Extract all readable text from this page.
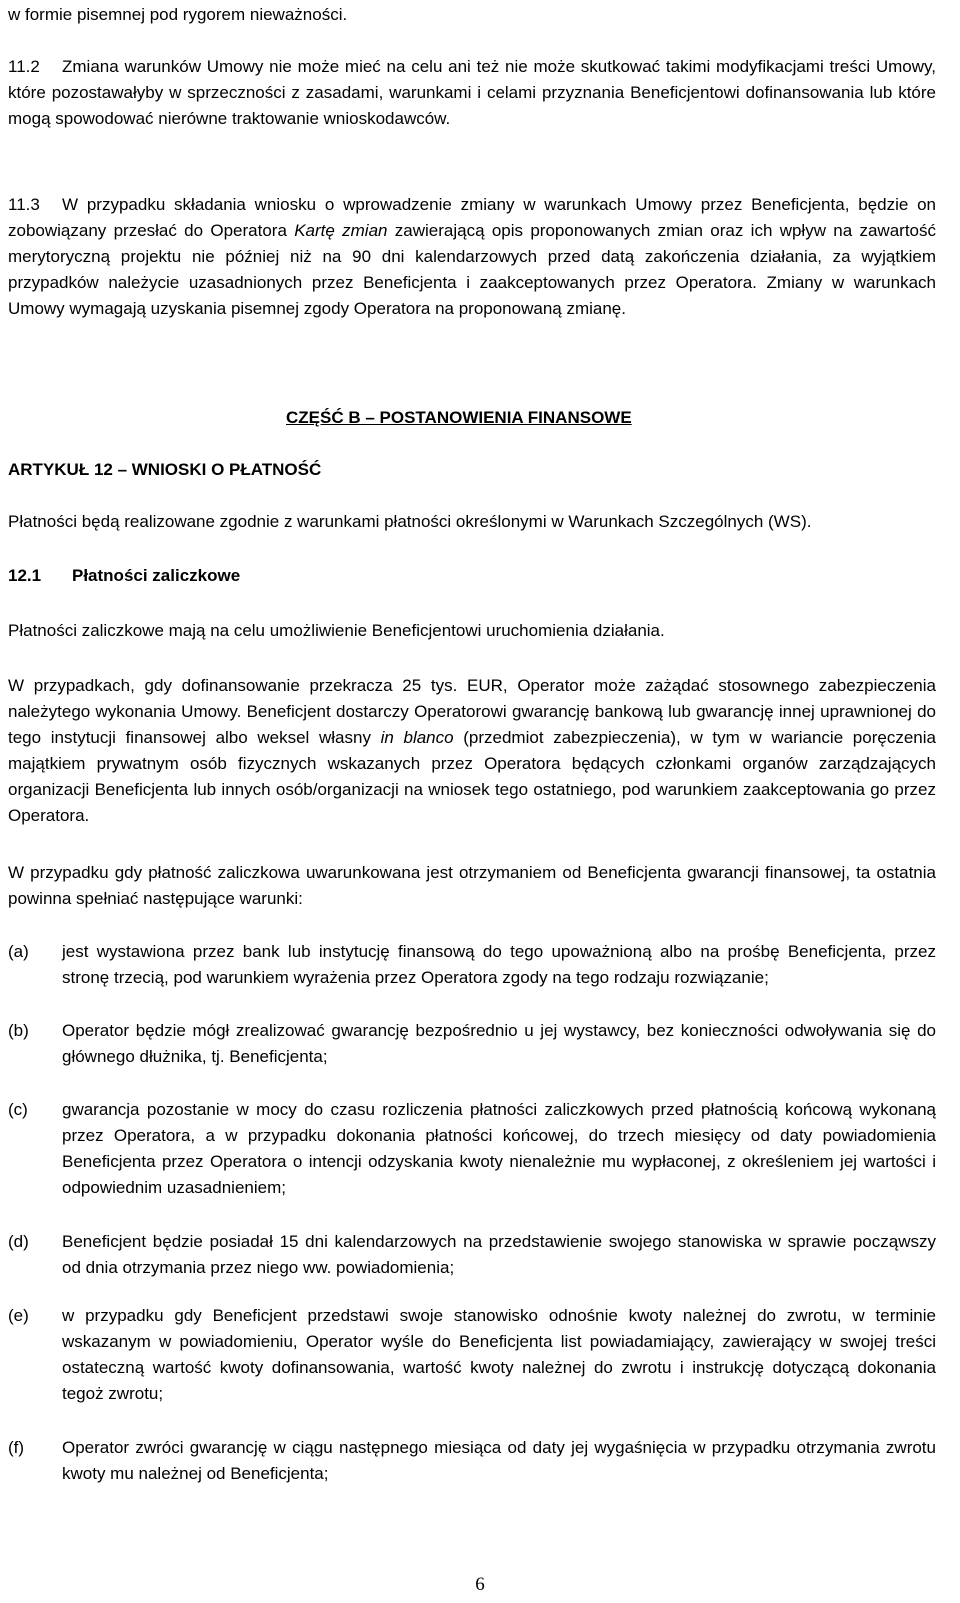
w formie pisemnej pod rygorem nieważności.
11.2	Zmiana warunków Umowy nie może mieć na celu ani też nie może skutkować takimi modyfikacjami treści Umowy, które pozostawałyby w sprzeczności z zasadami, warunkami i celami przyznania Beneficjentowi dofinansowania lub które mogą spowodować nierówne traktowanie wnioskodawców.
11.3	W przypadku składania wniosku o wprowadzenie zmiany w warunkach Umowy przez Beneficjenta, będzie on zobowiązany przesłać do Operatora Kartę zmian zawierającą opis proponowanych zmian oraz ich wpływ na zawartość merytoryczną projektu nie później niż na 90 dni kalendarzowych przed datą zakończenia działania, za wyjątkiem przypadków należycie uzasadnionych przez Beneficjenta i zaakceptowanych przez Operatora. Zmiany w warunkach Umowy wymagają uzyskania pisemnej zgody Operatora na proponowaną zmianę.
CZĘŚĆ B – POSTANOWIENIA FINANSOWE
ARTYKUŁ 12 – WNIOSKI O PŁATNOŚĆ
Płatności będą realizowane zgodnie z warunkami płatności określonymi w Warunkach Szczególnych (WS).
12.1 Płatności zaliczkowe
Płatności zaliczkowe mają na celu umożliwienie Beneficjentowi uruchomienia działania.
W przypadkach, gdy dofinansowanie przekracza 25 tys. EUR, Operator może zażądać stosownego zabezpieczenia należytego wykonania Umowy. Beneficjent dostarczy Operatorowi gwarancję bankową lub gwarancję innej uprawnionej do tego instytucji finansowej albo weksel własny in blanco (przedmiot zabezpieczenia), w tym w wariancie poręczenia majątkiem prywatnym osób fizycznych wskazanych przez Operatora będących członkami organów zarządzających organizacji Beneficjenta lub innych osób/organizacji na wniosek tego ostatniego, pod warunkiem zaakceptowania go przez Operatora.
W przypadku gdy płatność zaliczkowa uwarunkowana jest otrzymaniem od Beneficjenta gwarancji finansowej, ta ostatnia powinna spełniać następujące warunki:
(a) jest wystawiona przez bank lub instytucję finansową do tego upoważnioną albo na prośbę Beneficjenta, przez stronę trzecią, pod warunkiem wyrażenia przez Operatora zgody na tego rodzaju rozwiązanie;
(b) Operator będzie mógł zrealizować gwarancję bezpośrednio u jej wystawcy, bez konieczności odwoływania się do głównego dłużnika, tj. Beneficjenta;
(c) gwarancja pozostanie w mocy do czasu rozliczenia płatności zaliczkowych przed płatnością końcową wykonaną przez Operatora, a w przypadku dokonania płatności końcowej, do trzech miesięcy od daty powiadomienia Beneficjenta przez Operatora o intencji odzyskania kwoty nienależnie mu wypłaconej, z określeniem jej wartości i odpowiednim uzasadnieniem;
(d) Beneficjent będzie posiadał 15 dni kalendarzowych na przedstawienie swojego stanowiska w sprawie począwszy od dnia otrzymania przez niego ww. powiadomienia;
(e) w przypadku gdy Beneficjent przedstawi swoje stanowisko odnośnie kwoty należnej do zwrotu, w terminie wskazanym w powiadomieniu, Operator wyśle do Beneficjenta list powiadamiający, zawierający w swojej treści ostateczną wartość kwoty dofinansowania, wartość kwoty należnej do zwrotu i instrukcję dotyczącą dokonania tegoż zwrotu;
(f) Operator zwróci gwarancję w ciągu następnego miesiąca od daty jej wygaśnięcia w przypadku otrzymania zwrotu kwoty mu należnej od Beneficjenta;
6
